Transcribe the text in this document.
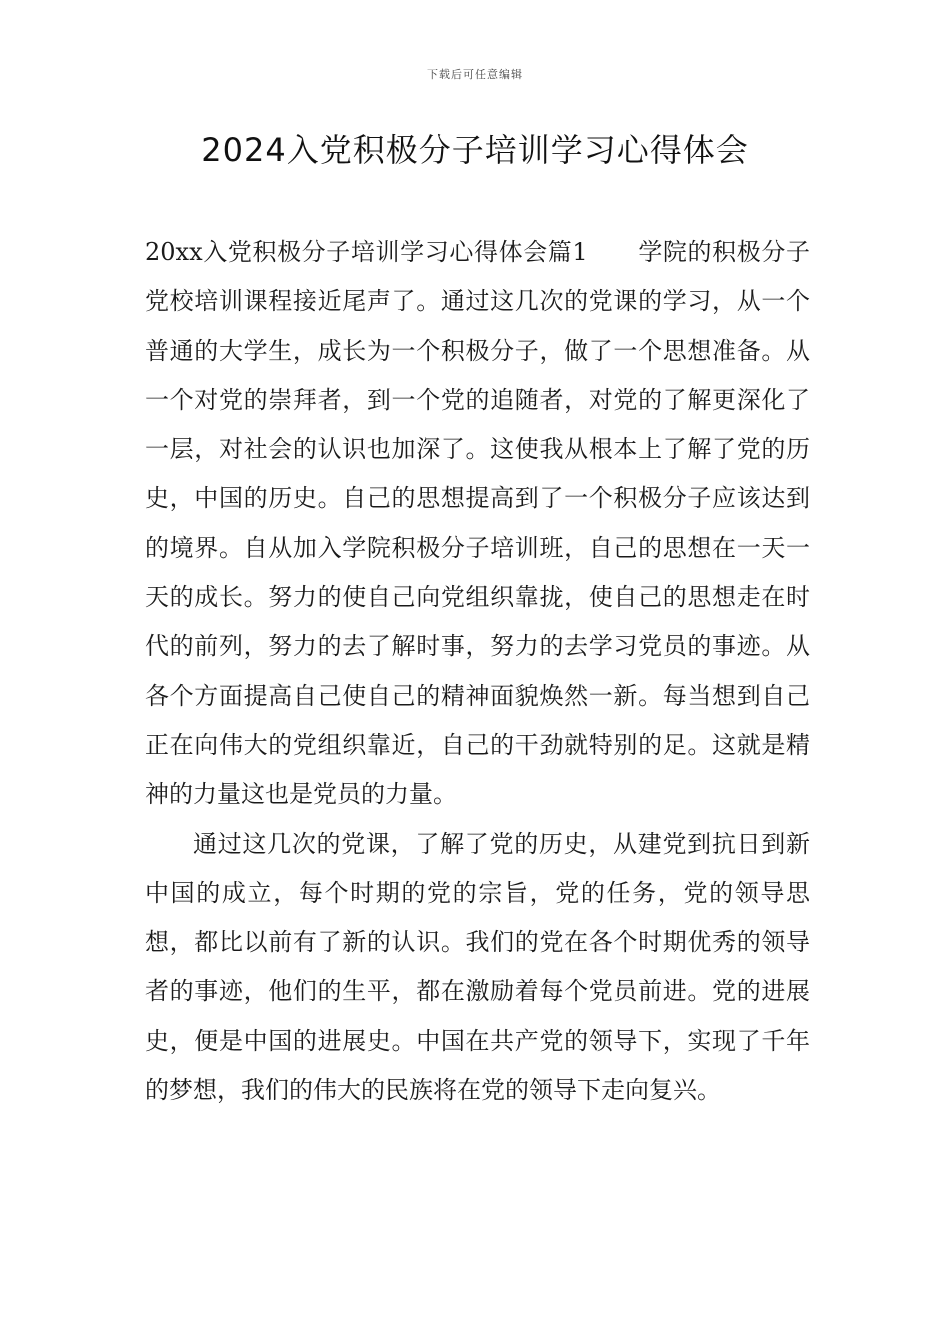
下载后可任意编辑
2024入党积极分子培训学习心得体会

20xx入党积极分子培训学习心得体会篇1 学院的积极分子党校培训课程接近尾声了。通过这几次的党课的学习，从一个普通的大学生，成长为一个积极分子，做了一个思想准备。从一个对党的崇拜者，到一个党的追随者，对党的了解更深化了一层，对社会的认识也加深了。这使我从根本上了解了党的历史，中国的历史。自己的思想提高到了一个积极分子应该达到的境界。自从加入学院积极分子培训班，自己的思想在一天一天的成长。努力的使自己向党组织靠拢，使自己的思想走在时代的前列，努力的去了解时事，努力的去学习党员的事迹。从各个方面提高自己使自己的精神面貌焕然一新。每当想到自己正在向伟大的党组织靠近，自己的干劲就特别的足。这就是精神的力量这也是党员的力量。

通过这几次的党课，了解了党的历史，从建党到抗日到新中国的成立，每个时期的党的宗旨，党的任务，党的领导思想，都比以前有了新的认识。我们的党在各个时期优秀的领导者的事迹，他们的生平，都在激励着每个党员前进。党的进展史，便是中国的进展史。中国在共产党的领导下，实现了千年的梦想，我们的伟大的民族将在党的领导下走向复兴。
